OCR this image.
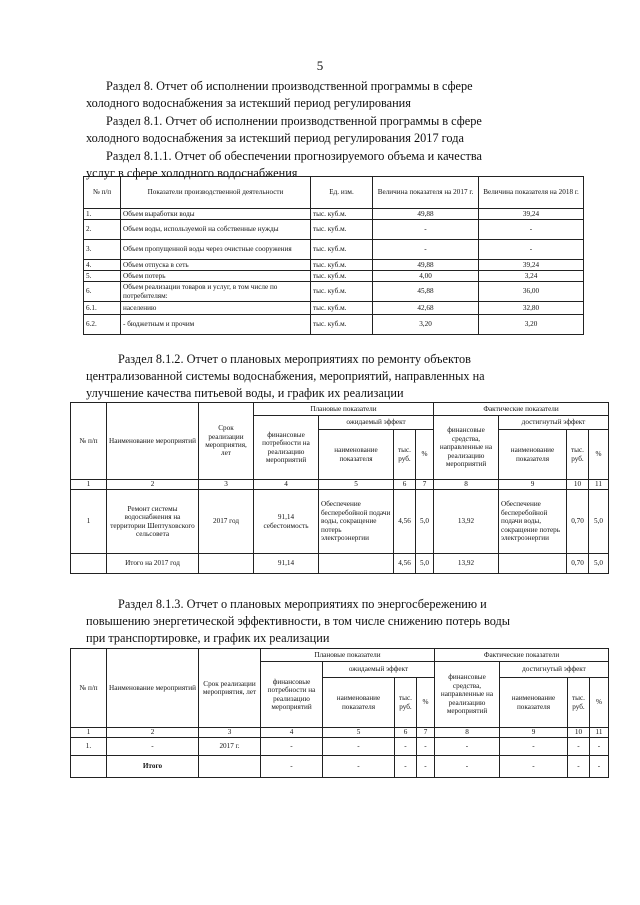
5

Раздел 8. Отчет об исполнении производственной программы в сфере

холодного водоснабжения за истекший период регулирования

Раздел 8.1. Отчет об исполнении производственной программы в сфере

холодного водоснабжения за истекший период регулирования 2017 года

Раздел 8.1.1. Отчет об обеспечении прогнозируемого объема и качества

услуг в сфере холодного водоснабжения

№ п/п	Показатели производственной деятельности	Ед. изм.	Величина показателя на 2017 г.	Величина показателя на 2018 г.
1.	Объем выработки воды	тыс. куб.м.	49,88	39,24
2.	Объем воды, используемой на собственные нужды	тыс. куб.м.	-	-
3.	Объем пропущенной воды через очистные сооружения	тыс. куб.м.	-	-
4.	Объем отпуска в сеть	тыс. куб.м.	49,88	39,24
5.	Объем потерь	тыс. куб.м.	4,00	3,24
6.	Объем реализации товаров и услуг, в том числе по потребителям:	тыс. куб.м.	45,88	36,00
6.1.	населению	тыс. куб.м.	42,68	32,80
6.2.	- бюджетным и прочим	тыс. куб.м.	3,20	3,20

Раздел 8.1.2. Отчет о плановых мероприятиях по ремонту объектов

централизованной системы водоснабжения, мероприятий, направленных на

улучшение качества питьевой воды, и график их реализации

№ п/п	Наименование мероприятий	Срок реализации мероприятия, лет	Плановые показатели				Фактические показатели			
			финансовые потребности на реализацию мероприятий	ожидаемый эффект			финансовые средства, направленные на реализацию мероприятий	достигнутый эффект		
				наименование показателя	тыс. руб.	%		наименование показателя	тыс. руб.	%
1	2	3	4	5	6	7	8	9	10	11
1	Ремонт системы водоснабжения на территории Шептуховского сельсовета	2017 год	91,14 себестоимость	Обеспечение бесперебойной подачи воды, сокращение потерь электроэнергии	4,56	5,0	13,92	Обеспечение бесперебойной подачи воды, сокращение потерь электроэнергии	0,70	5,0
	Итого на 2017 год		91,14		4,56	5,0	13,92		0,70	5,0

Раздел 8.1.3. Отчет о плановых мероприятиях по энергосбережению и

повышению энергетической эффективности, в том числе снижению потерь воды

при транспортировке, и график их реализации

№ п/п	Наименование мероприятий	Срок реализации мероприятия, лет	Плановые показатели				Фактические показатели			
			финансовые потребности на реализацию мероприятий	ожидаемый эффект			финансовые средства, направленные на реализацию мероприятий	достигнутый эффект		
				наименование показателя	тыс. руб.	%		наименование показателя	тыс. руб.	%
1	2	3	4	5	6	7	8	9	10	11
1.	-	2017 г.	-	-	-	-	-	-	-	-
	Итого		-	-	-	-	-	-	-	-
